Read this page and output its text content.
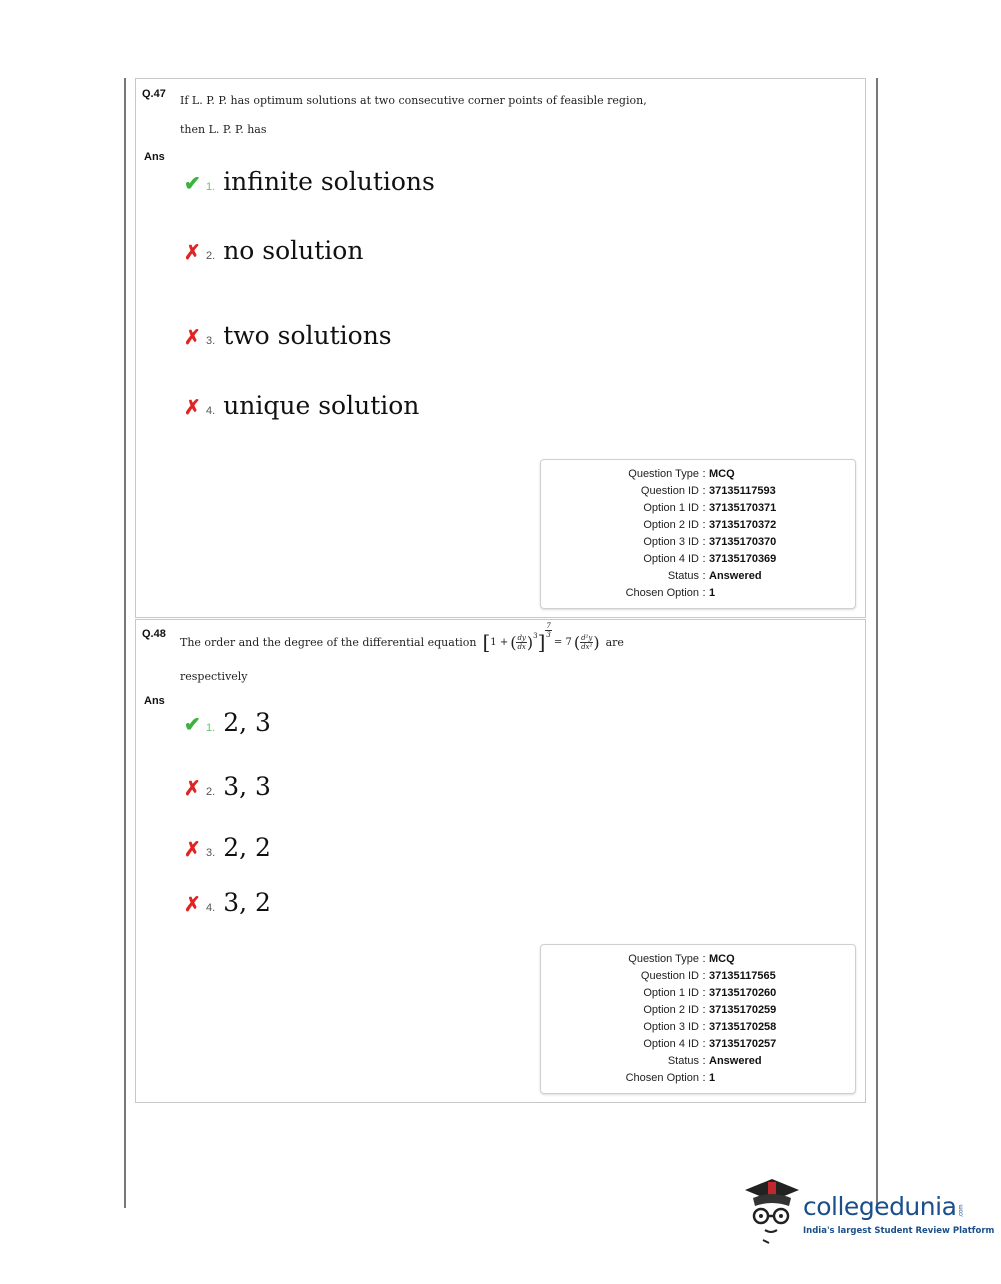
Q.47 If L. P. P. has optimum solutions at two consecutive corner points of feasible region,
then L. P. P. has
Ans
✔ 1. infinite solutions
✗ 2. no solution
✗ 3. two solutions
✗ 4. unique solution
Question Type : MCQ
Question ID : 37135117593
Option 1 ID : 37135170371
Option 2 ID : 37135170372
Option 3 ID : 37135170370
Option 4 ID : 37135170369
Status : Answered
Chosen Option : 1
Q.48
The order and the degree of the differential equation [ 1 + ( $\frac{dy}{dx} )^3$ ] $\frac{7}{3}$
= 7 ( $\frac{\text{d²y}}{\text{dx²}}$ ) are
respectively
Ans
✔ 1. 2, 3
✗ 2. 3, 3
✗ 3. 2, 2
✗ 4. 3, 2
Question Type : MCQ
Question ID : 37135117565
Option 1 ID : 37135170260
Option 2 ID : 37135170259
Option 3 ID : 37135170258
Option 4 ID : 37135170257
Status : Answered
Chosen Option : 1
collegedunia .com
India's largest Student Review Platform
